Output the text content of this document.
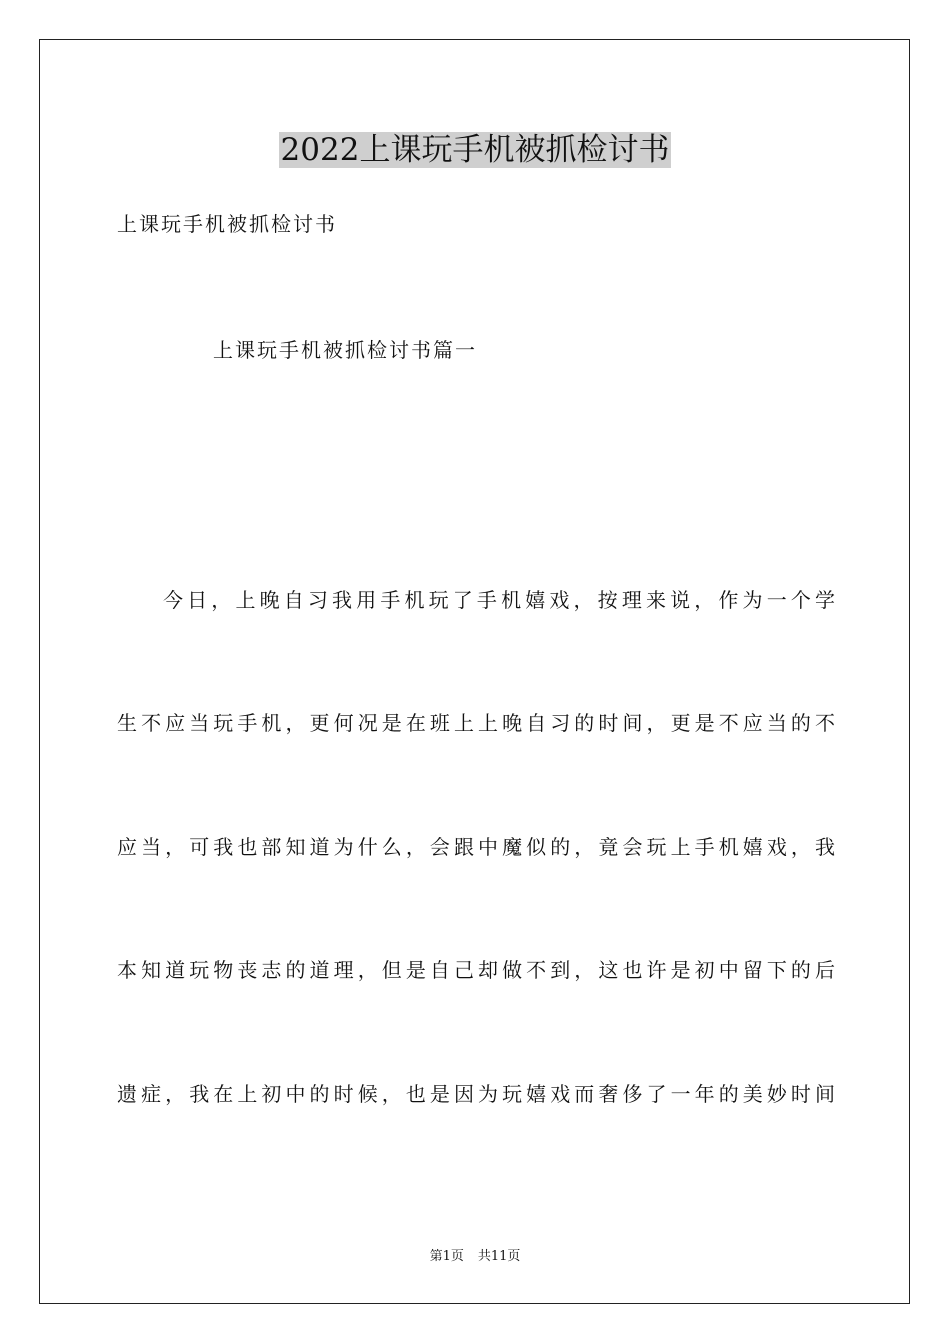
2022上课玩手机被抓检讨书
上课玩手机被抓检讨书
上课玩手机被抓检讨书篇一
今日，上晚自习我用手机玩了手机嬉戏，按理来说，作为一个学
生不应当玩手机，更何况是在班上上晚自习的时间，更是不应当的不
应当，可我也部知道为什么，会跟中魔似的，竟会玩上手机嬉戏，我
本知道玩物丧志的道理，但是自己却做不到，这也许是初中留下的后
遗症，我在上初中的时候，也是因为玩嬉戏而奢侈了一年的美妙时间
第1页 共11页
